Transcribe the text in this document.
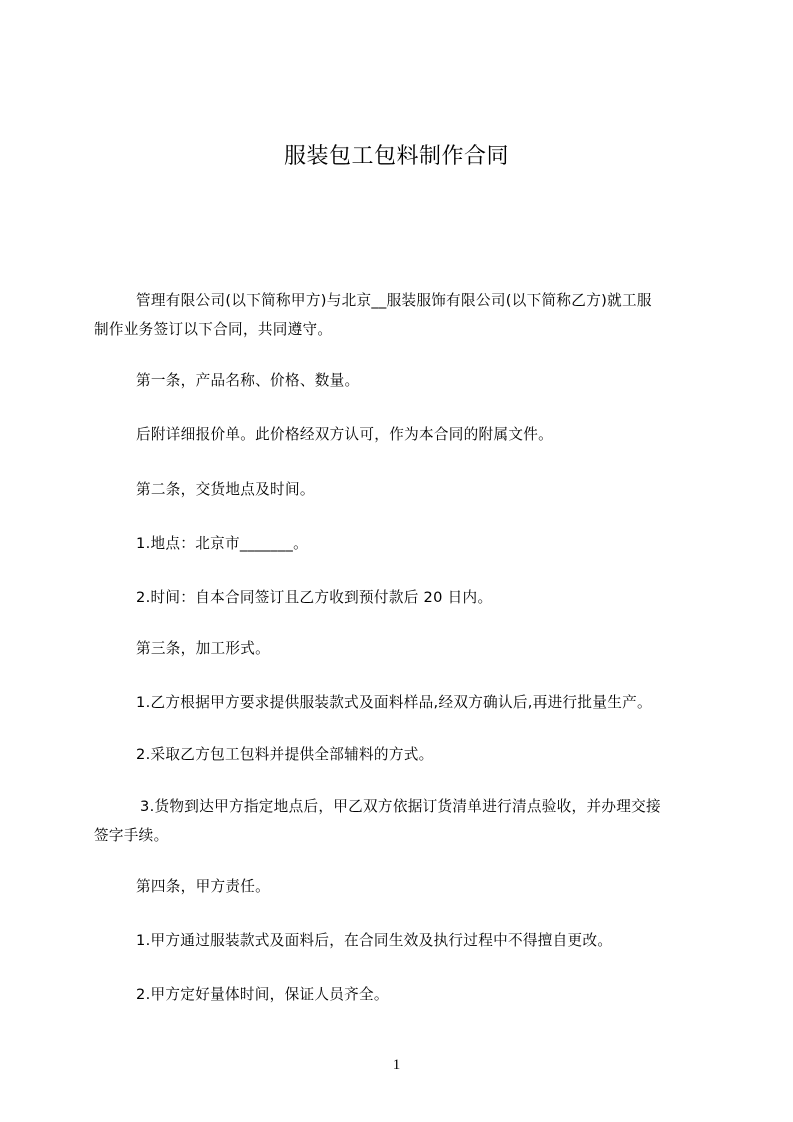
服装包工包料制作合同
管理有限公司(以下简称甲方)与北京__服装服饰有限公司(以下简称乙方)就工服
制作业务签订以下合同，共同遵守。
第一条，产品名称、价格、数量。
后附详细报价单。此价格经双方认可，作为本合同的附属文件。
第二条，交货地点及时间。
1.地点：北京市_______。
2.时间：自本合同签订且乙方收到预付款后 20 日内。
第三条，加工形式。
1.乙方根据甲方要求提供服装款式及面料样品,经双方确认后,再进行批量生产。
2.采取乙方包工包料并提供全部辅料的方式。
3.货物到达甲方指定地点后，甲乙双方依据订货清单进行清点验收，并办理交接
签字手续。
第四条，甲方责任。
1.甲方通过服装款式及面料后，在合同生效及执行过程中不得擅自更改。
2.甲方定好量体时间，保证人员齐全。
1
